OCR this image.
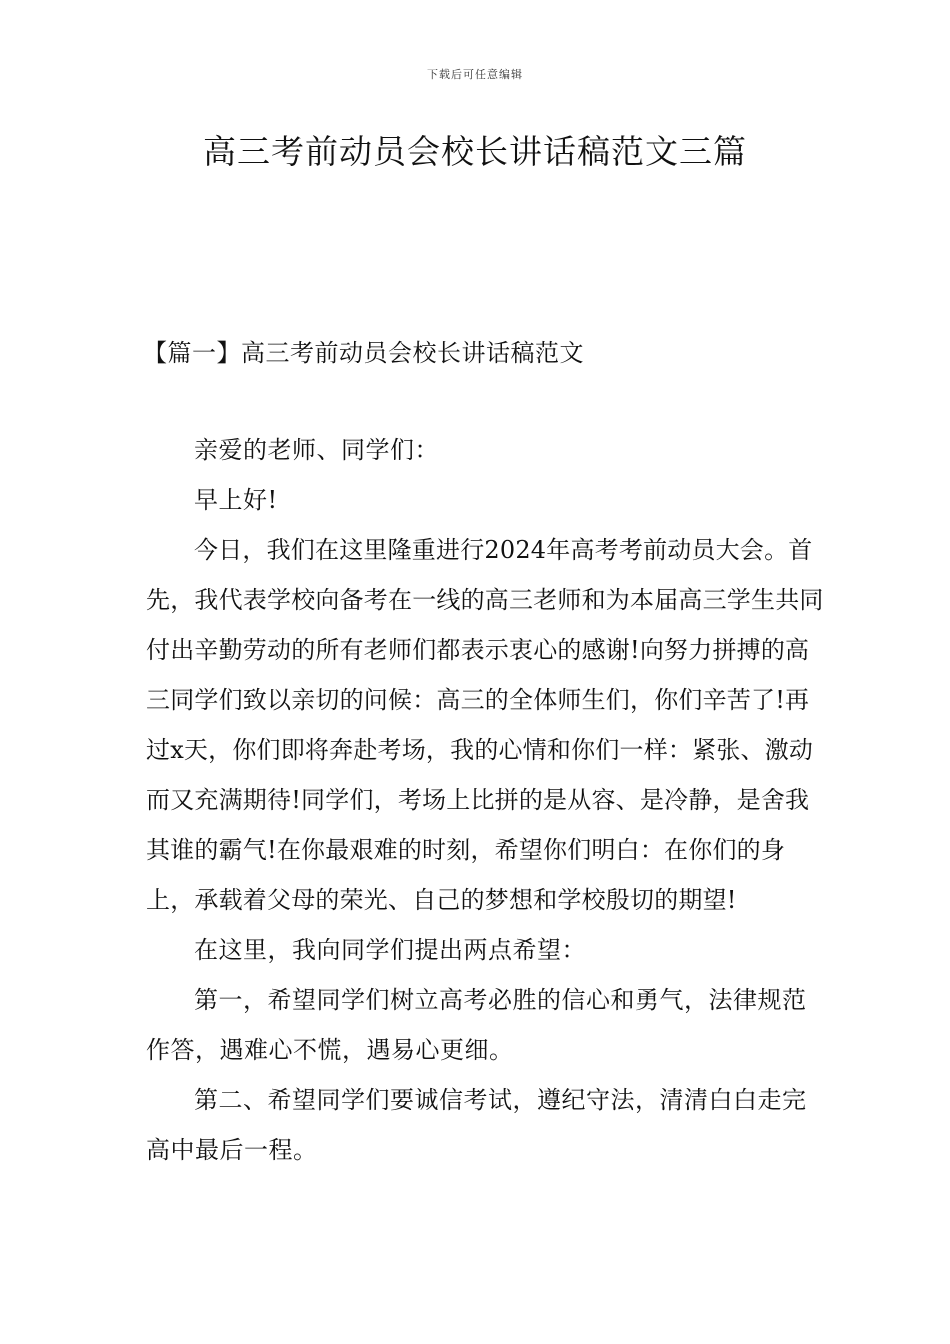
下载后可任意编辑
高三考前动员会校长讲话稿范文三篇
【篇一】高三考前动员会校长讲话稿范文

亲爱的老师、同学们：

早上好!

今日，我们在这里隆重进行2024年高考考前动员大会。首先，我代表学校向备考在一线的高三老师和为本届高三学生共同付出辛勤劳动的所有老师们都表示衷心的感谢!向努力拼搏的高三同学们致以亲切的问候：高三的全体师生们，你们辛苦了!再过x天，你们即将奔赴考场，我的心情和你们一样：紧张、激动而又充满期待!同学们，考场上比拼的是从容、是冷静，是舍我其谁的霸气!在你最艰难的时刻，希望你们明白：在你们的身上，承载着父母的荣光、自己的梦想和学校殷切的期望!

在这里，我向同学们提出两点希望：

第一，希望同学们树立高考必胜的信心和勇气，法律规范作答，遇难心不慌，遇易心更细。

第二、希望同学们要诚信考试，遵纪守法，清清白白走完高中最后一程。
